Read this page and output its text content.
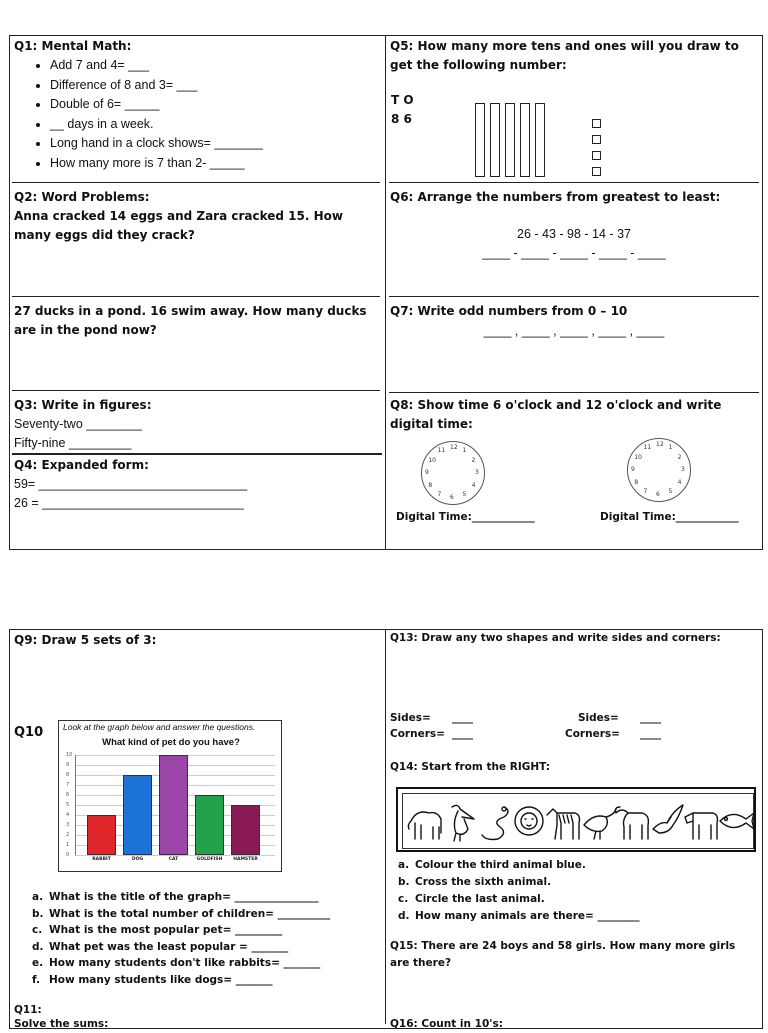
Q1: Mental Math:
• Add 7 and 4= ___
• Difference of 8 and 3= ___
• Double of 6= _____
• __ days in a week.
• Long hand in a clock shows= _______
• How many more is 7 than 2- _____
Q2: Word Problems:
Anna cracked 14 eggs and Zara cracked 15. How many eggs did they crack?
27 ducks in a pond. 16 swim away. How many ducks are in the pond now?
Q3: Write in figures:
Seventy-two ________
Fifty-nine _________
Q4: Expanded form:
59= ______________________________
26 = _____________________________
Q5: How many more tens and ones will you draw to get the following number:
T O
8 6
Q6: Arrange the numbers from greatest to least:
26 - 43 - 98 - 14 - 37
____ - ____ - ____ - ____ - ____
Q7: Write odd numbers from 0 – 10
____ , ____ , ____ , ____ , ____
Q8: Show time 6 o'clock and 12 o'clock and write digital time:
12 1
2
3
4
5
6
7
8
9
10
11
12 1
2
3
4
5
6
7
8
9
10
11
Digital Time:____________	Digital Time:____________
Q9: Draw 5 sets of 3:
Q10 Look at the graph below and answer the questions.
What kind of pet do you have?
0
1
2
3
4
5
6
7
8
9
10
RABBIT	DOG	CAT	GOLDFISH	HAMSTER
a. What is the title of the graph= ________________
b. What is the total number of children= __________
c. What is the most popular pet= _________
d. What pet was the least popular = _______
e. How many students don't like rabbits= _______
f. How many students like dogs= _______
Q11:
Solve the sums:
Q13: Draw any two shapes and write sides and corners:
Sides= ____
Corners= ____
Sides= ____
Corners= ____
Q14: Start from the RIGHT:
a. Colour the third animal blue.
b. Cross the sixth animal.
c. Circle the last animal.
d. How many animals are there= ________
Q15: There are 24 boys and 58 girls. How many more girls are there?
Q16: Count in 10's:
